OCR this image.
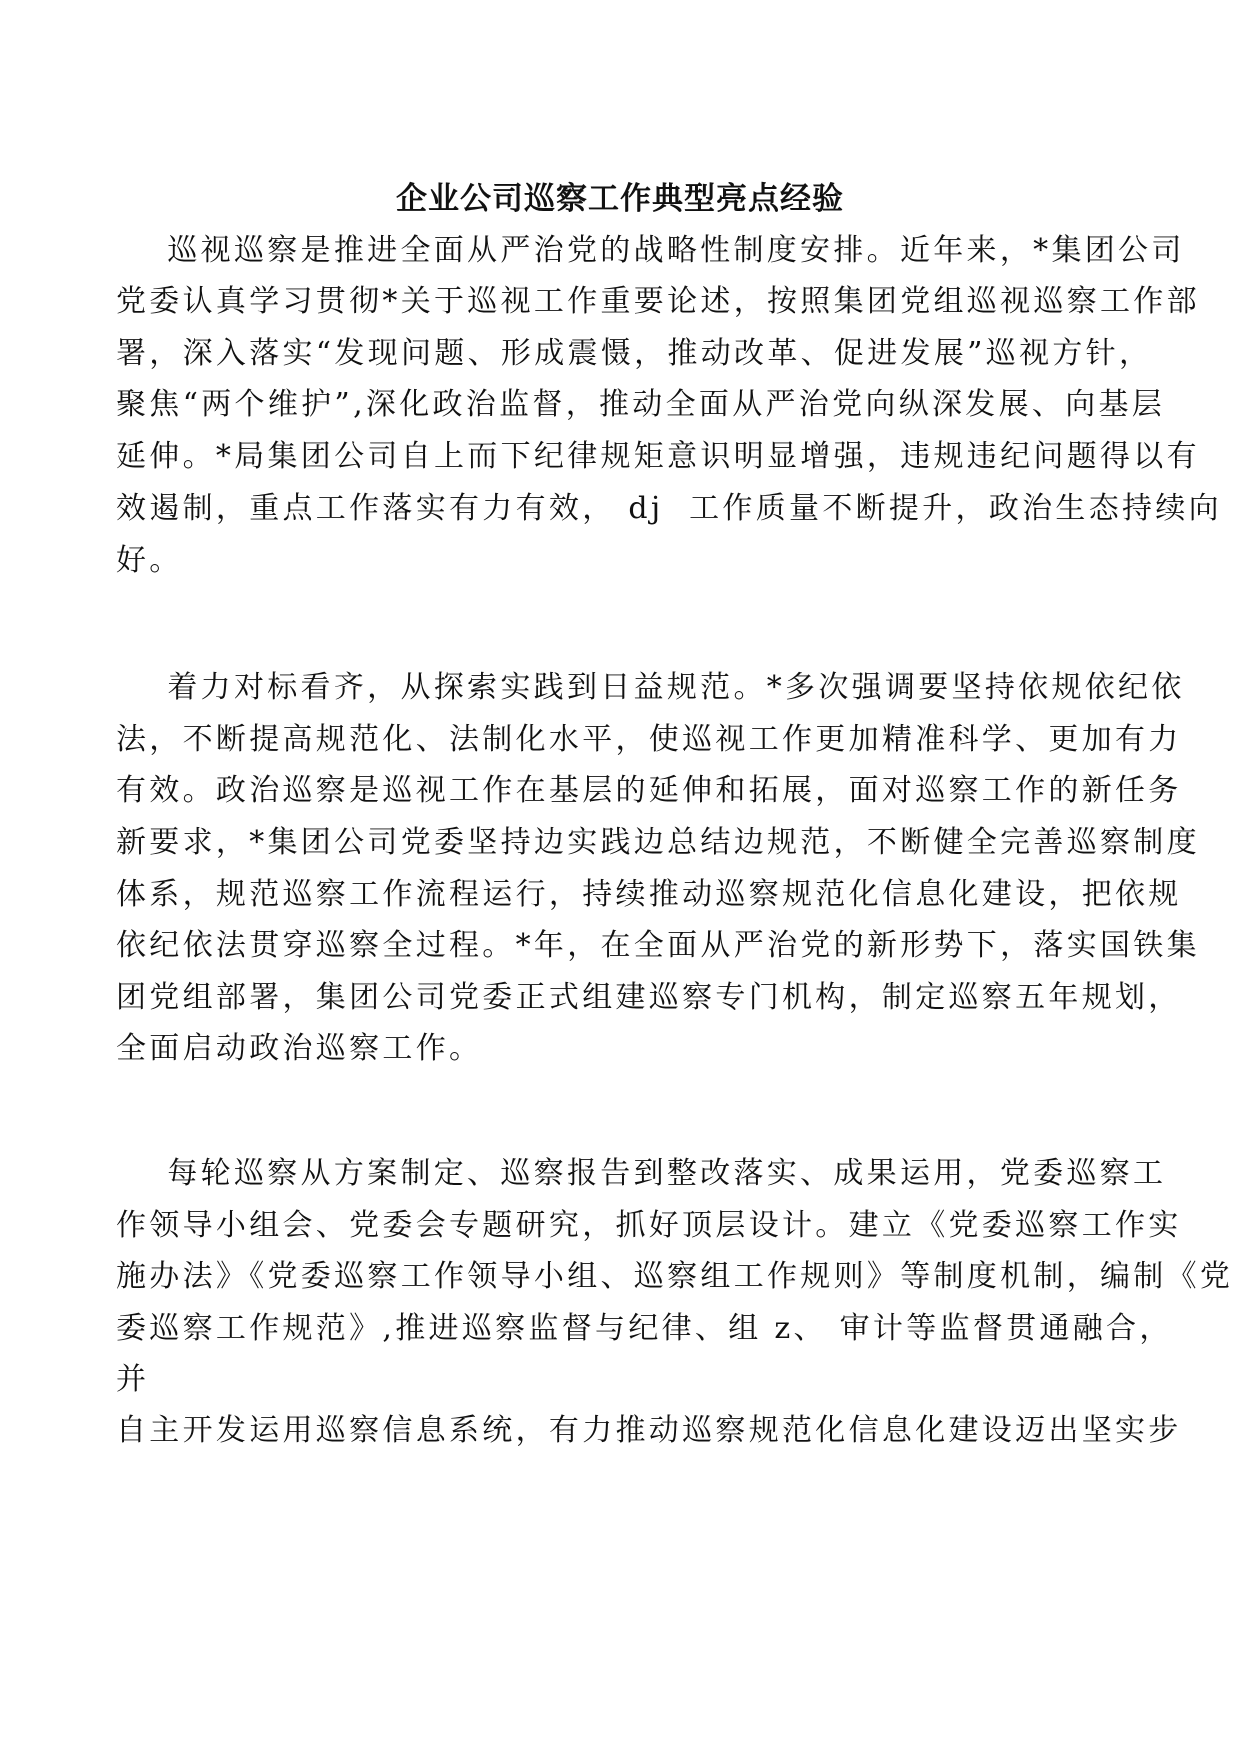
企业公司巡察工作典型亮点经验

巡视巡察是推进全面从严治党的战略性制度安排。近年来，*集团公司

党委认真学习贯彻*关于巡视工作重要论述，按照集团党组巡视巡察工作部

署，深入落实“发现问题、形成震慑，推动改革、促进发展”巡视方针，

聚焦“两个维护”,深化政治监督，推动全面从严治党向纵深发展、向基层

延伸。*局集团公司自上而下纪律规矩意识明显增强，违规违纪问题得以有

效遏制，重点工作落实有力有效， dj  工作质量不断提升，政治生态持续向

好。

着力对标看齐，从探索实践到日益规范。*多次强调要坚持依规依纪依

法，不断提高规范化、法制化水平，使巡视工作更加精准科学、更加有力

有效。政治巡察是巡视工作在基层的延伸和拓展，面对巡察工作的新任务

新要求，*集团公司党委坚持边实践边总结边规范，不断健全完善巡察制度

体系，规范巡察工作流程运行，持续推动巡察规范化信息化建设，把依规

依纪依法贯穿巡察全过程。*年，在全面从严治党的新形势下，落实国铁集

团党组部署，集团公司党委正式组建巡察专门机构，制定巡察五年规划，

全面启动政治巡察工作。

每轮巡察从方案制定、巡察报告到整改落实、成果运用，党委巡察工

作领导小组会、党委会专题研究，抓好顶层设计。建立《党委巡察工作实

施办法》《党委巡察工作领导小组、巡察组工作规则》等制度机制，编制《党

委巡察工作规范》,推进巡察监督与纪律、组 z、 审计等监督贯通融合，

并

自主开发运用巡察信息系统，有力推动巡察规范化信息化建设迈出坚实步
